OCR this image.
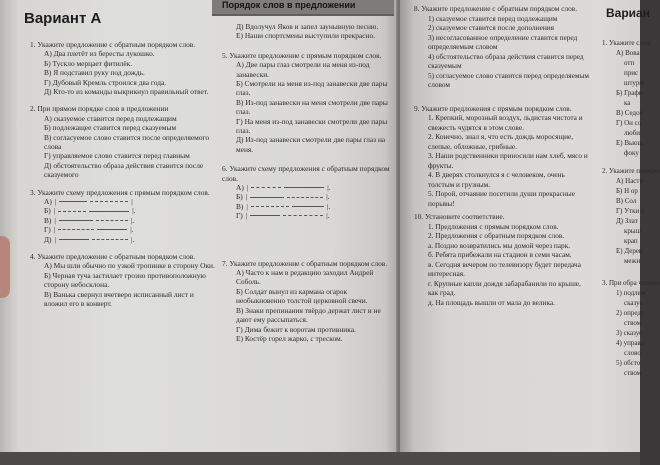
Вариант А
Порядок слов в предложении

1. Укажите предложение с обратным порядком слов.

А) Два плетёт из бересты лукошко.

Б) Тускло мерцает фитилёк.

В) Я подставил руку под дождь.

Г) Дубовый Кремль строился два года.

Д) Кто-то из команды выкрикнул правильный ответ.

2. При прямом порядке слов в предложении

А) сказуемое ставится перед подлежащим

Б) подлежащее ставится перед сказуемым

В) согласуемое слово ставится после определяемого слова

Г) управляемое слово ставится перед главным

Д) обстоятельство образа действия ставится после сказуемого

3. Укажите схему предложения с прямым порядком слов.

А) |	|
Б) |	|.
В) |	|.
Г) |	|.
Д) |	|.

4. Укажите предложение с обратным порядком слов.

А) Мы шли обычно по узкой тропинке в сторону Оки.

Б) Черная туча застилает грозно противоположную сторону небосклона.

В) Ванька свернул вчетверо исписанный лист и вложил его в конверт.

Д) Вдолучул Яков и запел заунывную песню.

Е) Наши спортсмены выступили прекрасно.

5. Укажите предложение с прямым порядком слов.

А) Две пары глаз смотрели на меня из-под занавески.

Б) Смотрели на меня из-под занавески две пары глаз.

В) Из-под занавески на меня смотрели две пары глаз.

Г) На меня из-под занавески смотрели две пары глаз.

Д) Из-под занавески смотрели две пары глаз на меня.

6. Укажите схему предложения с обратным порядком слов.

А) |	|.
Б) |	|.
В) |	|.
Г) |	|.

7. Укажите предложение с обратным порядком слов.

А) Часто к нам в редакцию заходил Андрей Соболь.

Б) Солдат вынул из кармана огарок необыкновенно толстой церковной свечи.

В) Знаки препинания твёрдо держат лист и не дают ему рассыпаться.

Г) Дима бежит к воротам противника.

Е) Костёр горел жарко, с треском.

Вариан

8. Укажите предложение с обратным порядком слов.

1) сказуемое ставится перед подлежащим

2) сказуемое ставится после дополнения

3) несогласованное определение ставится перед определяемым словом

4) обстоятельство образа действия ставится перед сказуемым

5) согласуемое слово ставится перед определяемым словом

9. Укажите предложения с прямым порядком слов.

1. Крепкий, морозный воздух, льдистая чистота и свежесть чудятся в этом слове.

2. Конечно, знал я, что есть дождь моросящие, слепые, обложные, грибные.

3. Наши родственники приносили нам хлеб, мясо и фрукты.

4. В дверях столкнулся я с человеком, очень толстым и грузным.

5. Порой, отчаяние посетили души прекрасные порывы!

10. Установите соответствие.

1. Предложения с прямым порядком слов.

2. Предложения с обратным порядком слов.

а. Поздно возвратились мы домой через парк.

б. Ребята прибежали на стадион в семи часам.

в. Сегодня вечером по телевизору будет передача интересная.

г. Крупные капли дождя забарабанили по крыше, как град.

д. На площадь вышли от мала до велика.

1. Укажите слов.

А) Вова

отп

прис

штурм

Б) Графи

ка

В) Седов

Г) Он со

люби

Е) Вьюш

фоку

2. Укажите порядке

А) Настр

Б) Н ор

В) Сол

Г) Утки т

Д) Злат

крыш

крап

Е) Дерев

межи

3. При обра члении

1) подлеж

сказуе

2) опреде

ством

3) сказуе

4) управл

слово

5) обсто

ством
